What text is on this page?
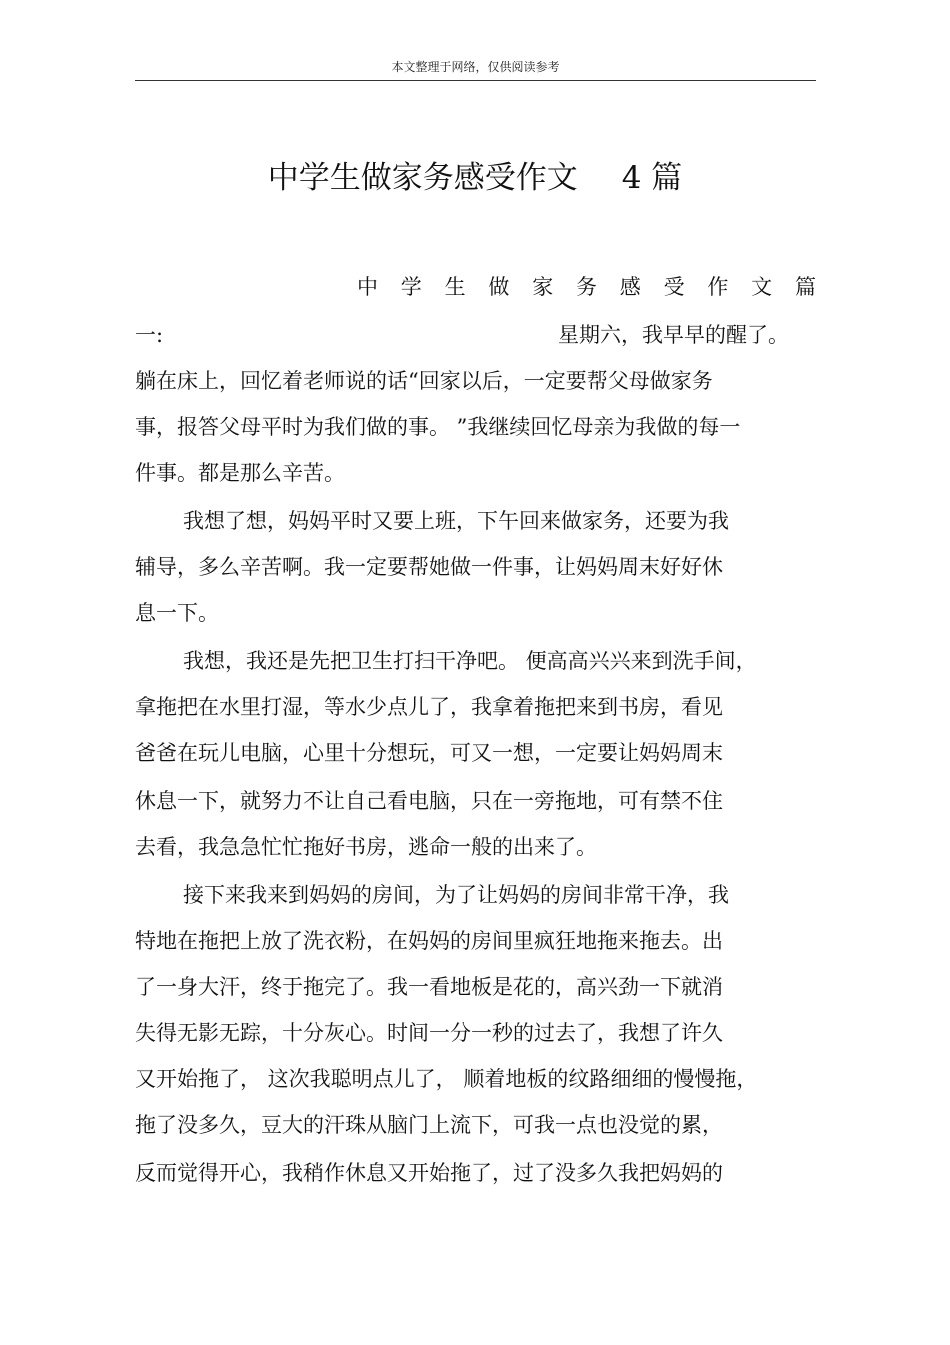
本文整理于网络，仅供阅读参考
中学生做家务感受作文 4 篇
中 学 生 做 家 务 感 受 作 文 篇
一:	星期六，我早早的醒了。
躺在床上，回忆着老师说的话“回家以后，一定要帮父母做家务
事，报答父母平时为我们做的事。 ”我继续回忆母亲为我做的每一
件事。都是那么辛苦。
我想了想，妈妈平时又要上班，下午回来做家务，还要为我
辅导，多么辛苦啊。我一定要帮她做一件事，让妈妈周末好好休
息一下。
我想，我还是先把卫生打扫干净吧。 便高高兴兴来到洗手间，
拿拖把在水里打湿，等水少点儿了，我拿着拖把来到书房，看见
爸爸在玩儿电脑，心里十分想玩，可又一想，一定要让妈妈周末
休息一下，就努力不让自己看电脑，只在一旁拖地，可有禁不住
去看，我急急忙忙拖好书房，逃命一般的出来了。
接下来我来到妈妈的房间，为了让妈妈的房间非常干净，我
特地在拖把上放了洗衣粉，在妈妈的房间里疯狂地拖来拖去。出
了一身大汗，终于拖完了。我一看地板是花的，高兴劲一下就消
失得无影无踪，十分灰心。时间一分一秒的过去了，我想了许久
又开始拖了， 这次我聪明点儿了， 顺着地板的纹路细细的慢慢拖，
拖了没多久，豆大的汗珠从脑门上流下，可我一点也没觉的累，
反而觉得开心，我稍作休息又开始拖了，过了没多久我把妈妈的
